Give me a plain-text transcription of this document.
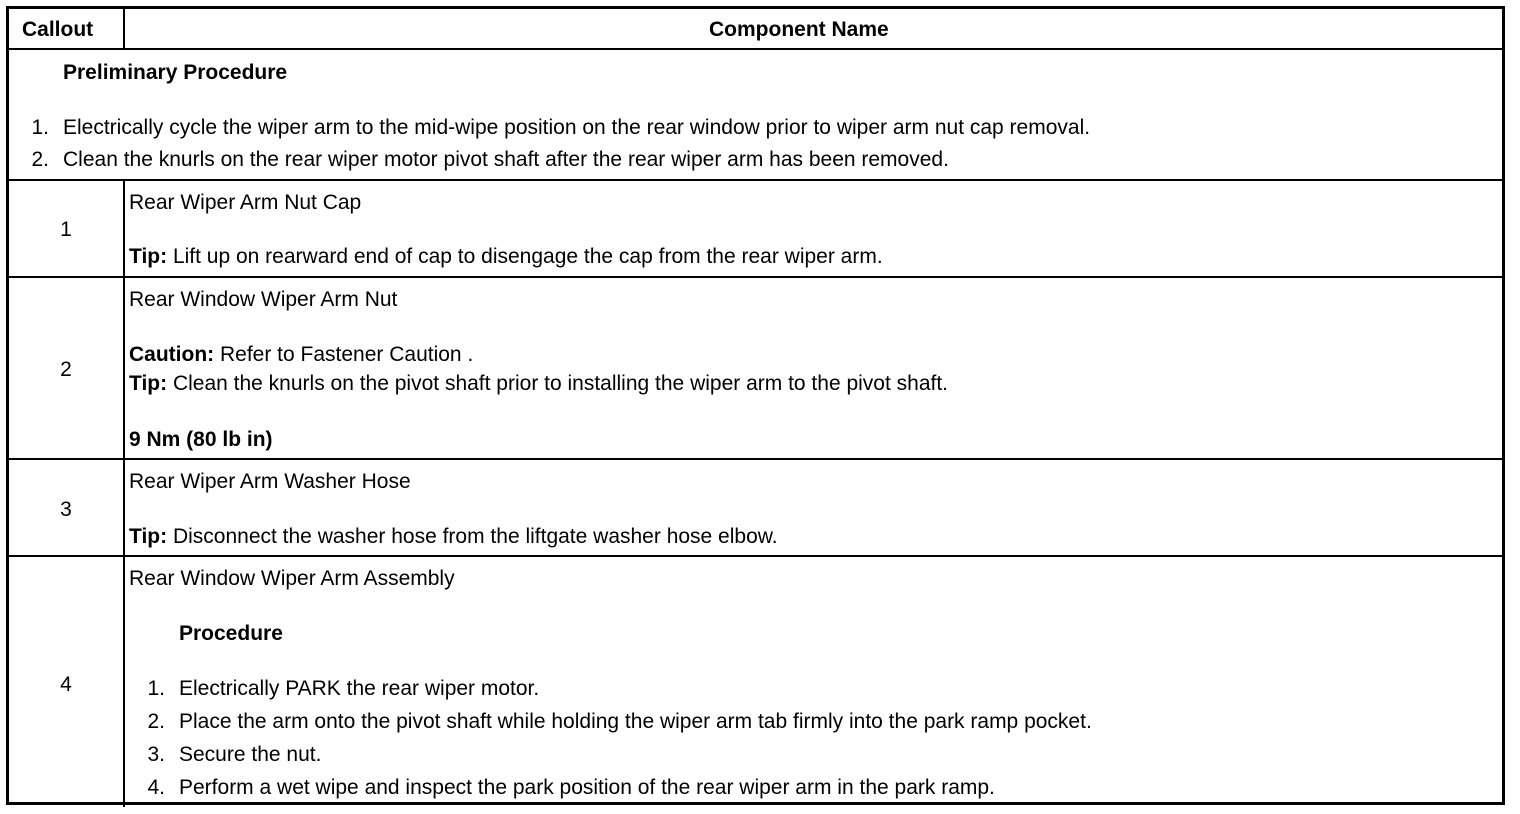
Callout	Component Name
Preliminary Procedure
1. Electrically cycle the wiper arm to the mid-wipe position on the rear window prior to wiper arm nut cap removal.
2. Clean the knurls on the rear wiper motor pivot shaft after the rear wiper arm has been removed.
1
Rear Wiper Arm Nut Cap
Tip: Lift up on rearward end of cap to disengage the cap from the rear wiper arm.
2
Rear Window Wiper Arm Nut
Caution: Refer to Fastener Caution .
Tip: Clean the knurls on the pivot shaft prior to installing the wiper arm to the pivot shaft.
9 Nm (80 lb in)
3
Rear Wiper Arm Washer Hose
Tip: Disconnect the washer hose from the liftgate washer hose elbow.
4
Rear Window Wiper Arm Assembly
Procedure
1. Electrically PARK the rear wiper motor.
2. Place the arm onto the pivot shaft while holding the wiper arm tab firmly into the park ramp pocket.
3. Secure the nut.
4. Perform a wet wipe and inspect the park position of the rear wiper arm in the park ramp.
